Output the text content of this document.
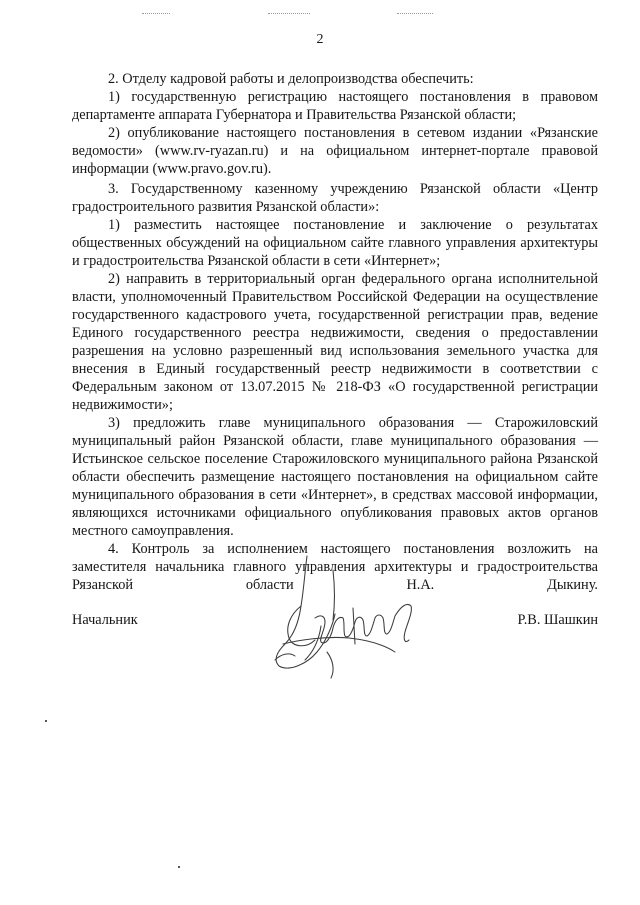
2

2. Отделу кадровой работы и делопроизводства обеспечить:

1) государственную регистрацию настоящего постановления в правовом департаменте аппарата Губернатора и Правительства Рязанской области;

2) опубликование настоящего постановления в сетевом издании «Рязанские ведомости» (www.rv-ryazan.ru) и на официальном интернет-портале правовой информации (www.pravo.gov.ru).

3. Государственному казенному учреждению Рязанской области «Центр градостроительного развития Рязанской области»:

1) разместить настоящее постановление и заключение о результатах общественных обсуждений на официальном сайте главного управления архитектуры и градостроительства Рязанской области в сети «Интернет»;

2) направить в территориальный орган федерального органа исполнительной власти, уполномоченный Правительством Российской Федерации на осуществление государственного кадастрового учета, государственной регистрации прав, ведение Единого государственного реестра недвижимости, сведения о предоставлении разрешения на условно разрешенный вид использования земельного участка для внесения в Единый государственный реестр недвижимости в соответствии с Федеральным законом от 13.07.2015 № 218-ФЗ «О государственной регистрации недвижимости»;

3) предложить главе муниципального образования — Старожиловский муниципальный район Рязанской области, главе муниципального образования — Истьинское сельское поселение Старожиловского муниципального района Рязанской области обеспечить размещение настоящего постановления на официальном сайте муниципального образования в сети «Интернет», в средствах массовой информации, являющихся источниками официального опубликования правовых актов органов местного самоуправления.

4. Контроль за исполнением настоящего постановления возложить на заместителя начальника главного управления архитектуры и градостроительства Рязанской области Н.А. Дыкину.

Начальник	Р.В. Шашкин
